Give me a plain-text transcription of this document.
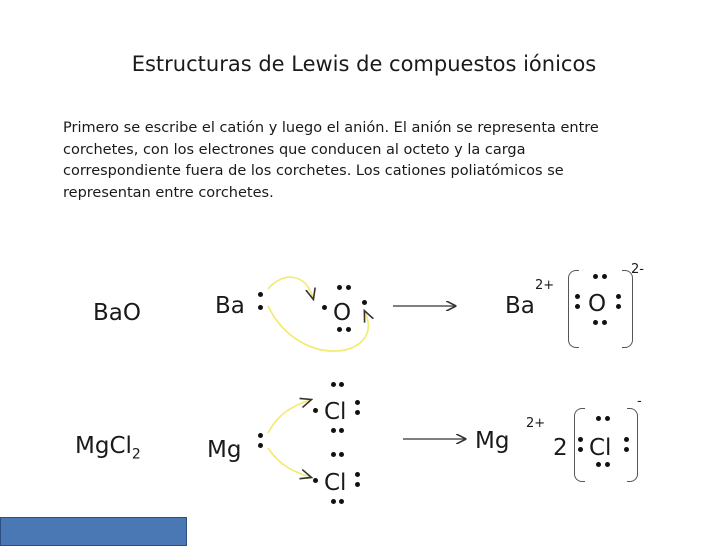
Estructuras de Lewis de compuestos iónicos
Primero se escribe el catión y luego el anión. El anión se representa entre corchetes, con los electrones que conducen al octeto y la carga correspondiente fuera de los corchetes. Los cationes poliatómicos se representan entre corchetes.
BaO	Ba	O	Ba
2+
O
2-
MgCl$_2$	Mg
Cl
Cl
Mg
2+
2 Cl
-
